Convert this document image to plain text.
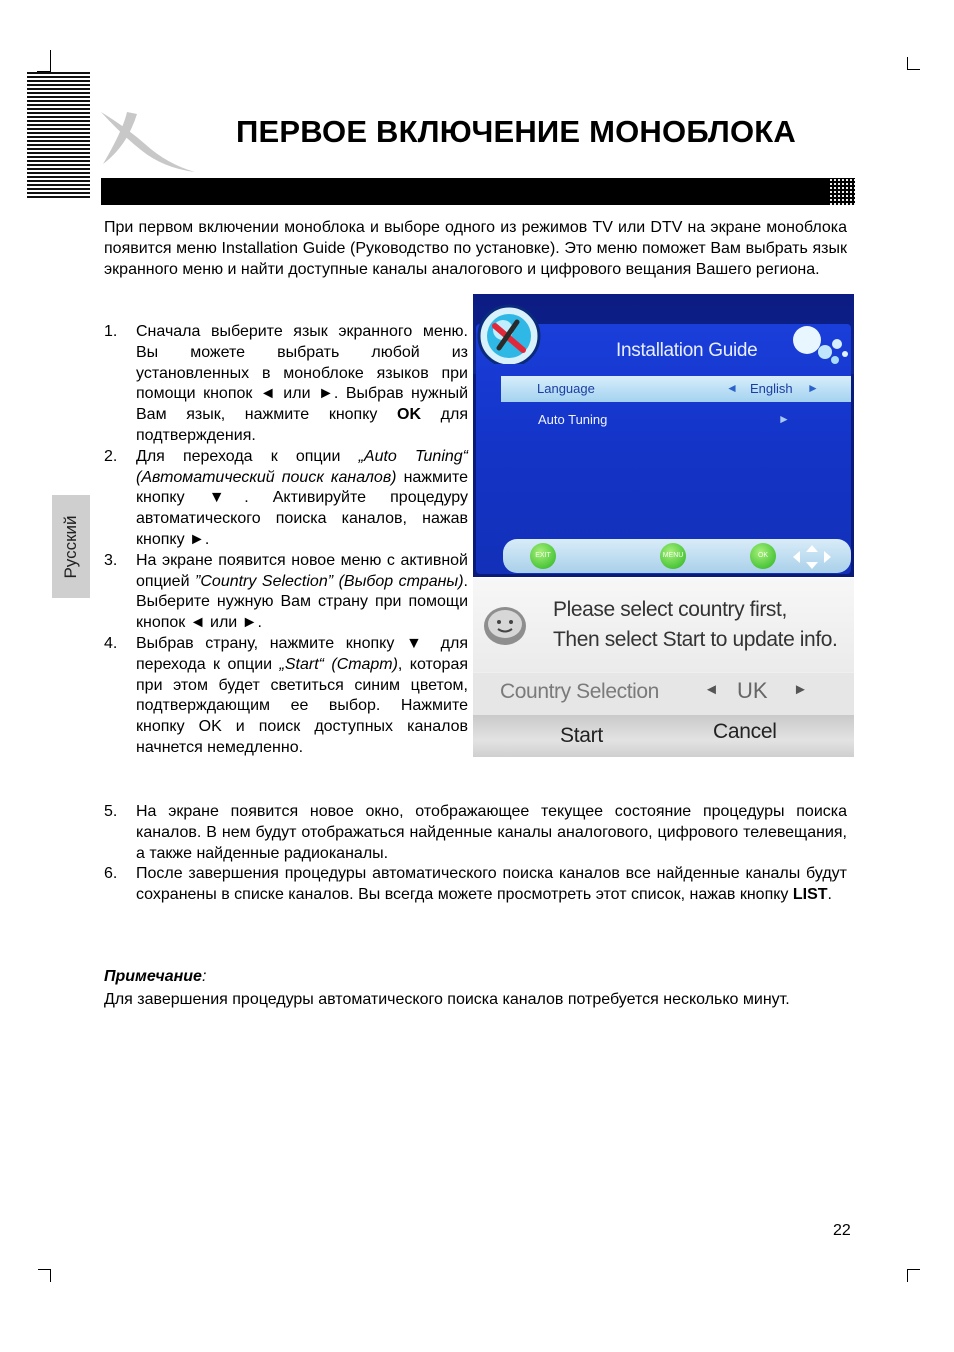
ПЕРВОЕ ВКЛЮЧЕНИЕ МОНОБЛОКА
Русский
При первом включении моноблока и выборе одного из режимов TV или DTV на экране моноблока появится меню Installation Guide (Руководство по установке). Это меню поможет Вам выбрать язык экранного меню и найти доступные каналы аналогового и цифрового вещания Вашего региона.
1.	Сначала выберите язык экранного меню. Вы можете выбрать любой из установленных в моноблоке языков при помощи кнопок ◄ или ►. Выбрав нужный Вам язык, нажмите кнопку OK для подтверждения.
2.	Для перехода к опции „Auto Tuning“ (Автоматический поиск каналов) нажмите кнопку ▼. Активируйте процедуру автоматического поиска каналов, нажав кнопку ►.
3.	На экране появится новое меню с активной опцией ”Country Selection” (Выбор страны). Выберите нужную Вам страну при помощи кнопок ◄ или ►.
4.	Выбрав страну, нажмите кнопку ▼ для перехода к опции „Start“ (Старт), которая при этом будет светиться синим цветом, подтверждающим ее выбор. Нажмите кнопку OK и поиск доступных каналов начнется немедленно.
5.	На экране появится новое окно, отображающее текущее состояние процедуры поиска каналов. В нем будут отображаться найденные каналы аналогового, цифрового телевещания, а также найденные радиоканалы.
6.	После завершения процедуры автоматического поиска каналов все найденные каналы будут сохранены в списке каналов. Вы всегда можете просмотреть этот список, нажав кнопку LIST.
Примечание:
Для завершения процедуры автоматического поиска каналов потребуется несколько минут.
22
Installation Guide
Language	◄ English ►
Auto Tuning	►
EXIT	MENU	OK
Please select country first,
Then select Start to update info.
Country Selection	◄ UK ►
Start	Cancel
